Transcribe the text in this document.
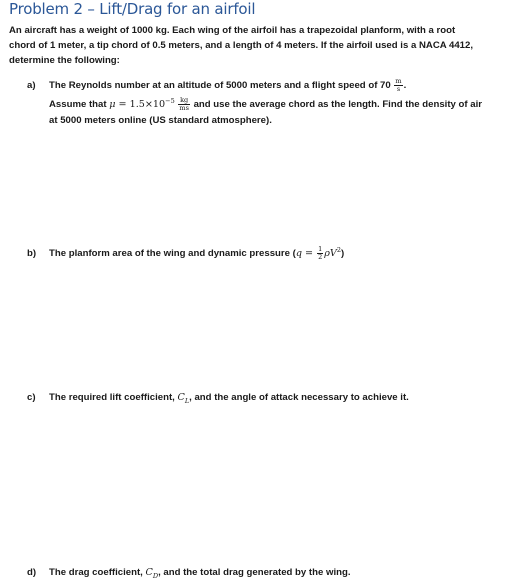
Problem 2 – Lift/Drag for an airfoil
An aircraft has a weight of 1000 kg. Each wing of the airfoil has a trapezoidal planform, with a root
chord of 1 meter, a tip chord of 0.5 meters, and a length of 4 meters. If the airfoil used is a NACA 4412,
determine the following:
a) The Reynolds number at an altitude of 5000 meters and a flight speed of $70 \frac{m}{s}$ .
Assume that $\mu = 1.5\times 10^{-5} \frac{kg}{ms}$ and use the average chord as the length. Find the density of air
at 5000 meters online (US standard atmosphere).
b) The planform area of the wing and dynamic pressure $(q = \frac{1}{2} \rho V^2)$
c) The required lift coefficient, $C_L$, and the angle of attack necessary to achieve it.
d) The drag coefficient, $C_D$, and the total drag generated by the wing.
